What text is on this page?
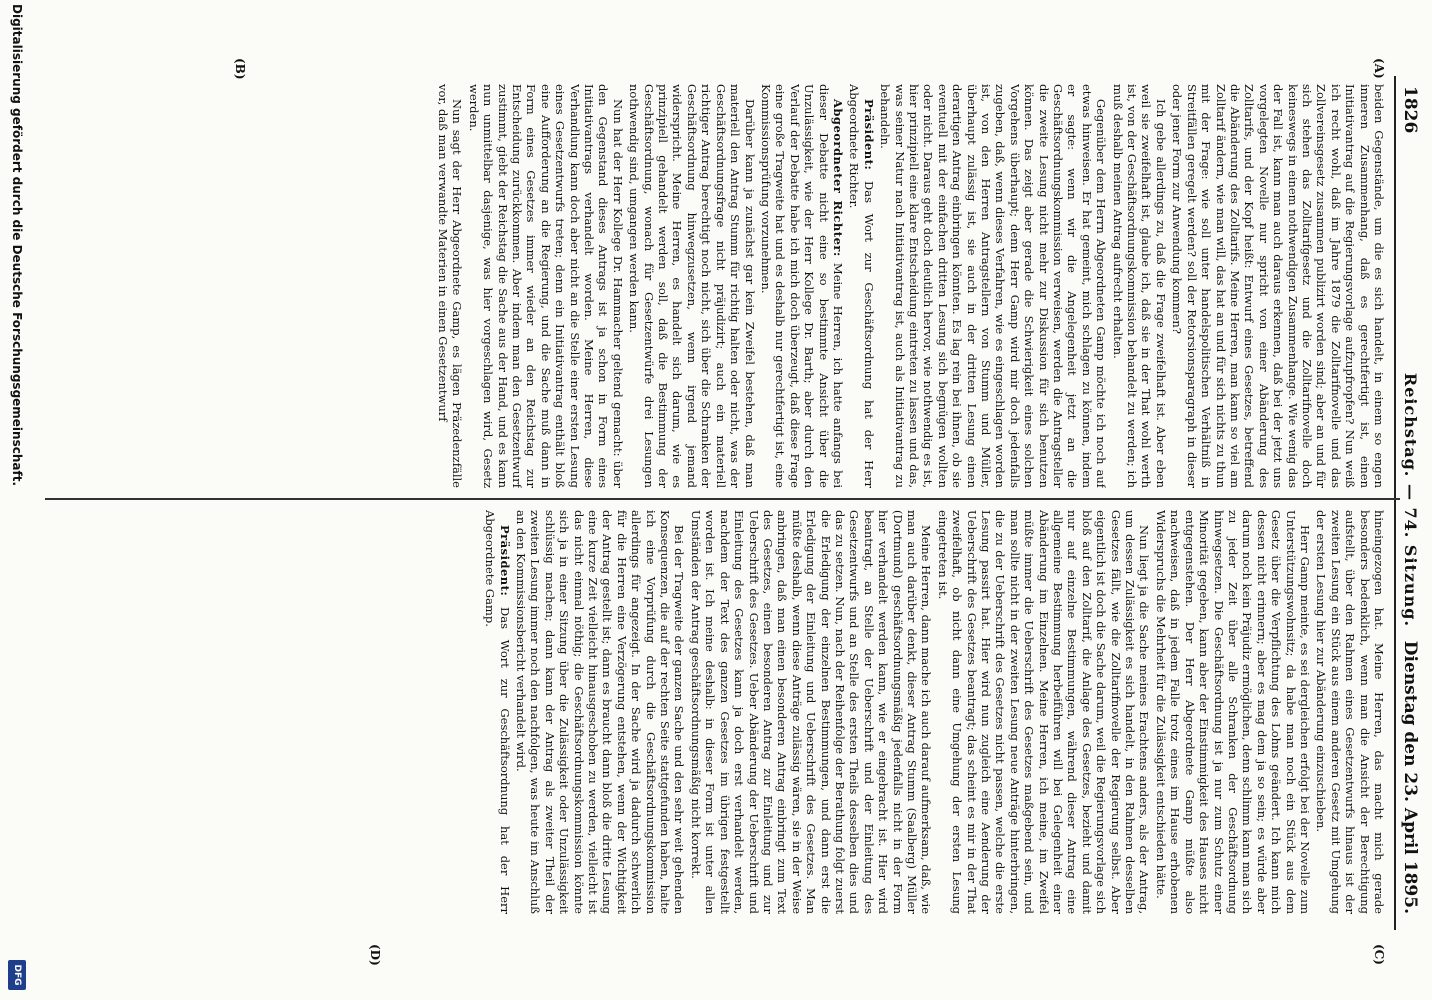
1826
Reichstag. — 74. Sitzung.
Dienstag den 23. April 1895.
(A)
(B)
(C)
(D)

beiden Gegenstände, um die es sich handelt, in einem so engen inneren Zusammenhang, daß es gerechtfertigt ist, einen Initiativantrag auf die Regierungsvorlage aufzupfropfen? Nun weiß ich recht wohl, daß im Jahre 1879 die Zolltarifnovelle und das Zollvereinsgesetz zusammen publizirt worden sind; aber an und für sich stehen das Zolltarifgesetz und die Zolltarifnovelle doch keineswegs in einem nothwendigen Zusammenhange. Wie wenig das der Fall ist, kann man auch daraus erkennen, daß bei der jetzt uns vorgelegten Novelle nur spricht von einer Abänderung des Zolltarifs, und der Kopf heißt: Entwurf eines Gesetzes, betreffend die Abänderung des Zolltarifs. Meine Herren, man kann so viel am Zolltarif ändern, wie man will, das hat an und für sich nichts zu thun mit der Frage: wie soll unter handelspolitischen Verhältniß in Streitfällen geregelt werden? soll der Retorsionsparagraph in dieser oder jener Form zur Anwendung kommen?

Ich gebe allerdings zu, daß die Frage zweifelhaft ist. Aber eben weil sie zweifelhaft ist, glaube ich, daß sie in der That wohl werth ist, von der Geschäftsordnungskommission behandelt zu werden; ich muß deshalb meinen Antrag aufrecht erhalten.

Gegenüber dem Herrn Abgeordneten Gamp möchte ich noch auf etwas hinweisen. Er hat gemeint, mich schlagen zu können, indem er sagte: wenn wir die Angelegenheit jetzt an die Geschäftsordnungskommission verweisen, werden die Antragsteller die zweite Lesung nicht mehr zur Diskussion für sich benutzen können. Das zeigt aber gerade die Schwierigkeit eines solchen Vorgehens überhaupt; denn Herr Gamp wird mir doch jedenfalls zugeben, daß, wenn dieses Verfahren, wie es eingeschlagen worden ist, von den Herren Antragstellern von Stumm und Müller, überhaupt zulässig ist, sie auch in der dritten Lesung einen derartigen Antrag einbringen könnten. Es lag rein bei ihnen, ob sie eventuell mit der einfachen dritten Lesung sich begnügen wollten oder nicht. Daraus geht doch deutlich hervor, wie nothwendig es ist, hier prinzipiell eine klare Entscheidung eintreten zu lassen und das, was seiner Natur nach Initiativantrag ist, auch als Initiativantrag zu behandeln.

Präsident: Das Wort zur Geschäftsordnung hat der Herr Abgeordnete Richter.

Abgeordneter Richter: Meine Herren, ich hatte anfangs bei dieser Debatte nicht eine so bestimmte Ansicht über die Unzulässigkeit, wie der Herr Kollege Dr. Barth; aber durch den Verlauf der Debatte habe ich mich doch überzeugt, daß diese Frage eine große Tragweite hat und es deshalb nur gerechtfertigt ist, eine Kommissionsprüfung vorzunehmen.

Darüber kann ja zunächst gar kein Zweifel bestehen, daß man materiell den Antrag Stumm für richtig halten oder nicht, was der Geschäftsordnungsfrage nicht präjudizirt; auch ein materiell richtiger Antrag berechtigt noch nicht, sich über die Schranken der Geschäftsordnung hinwegzusetzen, wenn irgend jemand widerspricht. Meine Herren, es handelt sich darum, wie es prinzipiell gehandelt werden soll, daß die Bestimmung der Geschäftsordnung, wonach für Gesetzentwürfe drei Lesungen nothwendig sind, umgangen werden kann.

Nun hat der Herr Kollege Dr. Hammacher geltend gemacht: über den Gegenstand dieses Antrags ist ja schon in Form eines Initiativantrags verhandelt worden. Meine Herren, diese Verhandlung kann doch aber nicht an die Stelle einer ersten Lesung eines Gesetzentwurfs treten; denn ein Initiativantrag enthält bloß eine Aufforderung an die Regierung, und die Sache muß dann in Form eines Gesetzes immer wieder an den Reichstag zur Entscheidung zurückkommen. Aber indem man den Gesetzentwurf zustimmt, giebt der Reichstag die Sache aus der Hand, und es kann nun unmittelbar dasjenige, was hier vorgeschlagen wird, Gesetz werden.

Nun sagt der Herr Abgeordnete Gamp, es lägen Präzedenzfälle vor, daß man verwandte Materien in einen Gesetzentwurf

hineingezogen hat. Meine Herren, das macht mich gerade besonders bedenklich, wenn man die Ansicht der Berechtigung aufstellt, über den Rahmen eines Gesetzentwurfs hinaus ist der zweiten Lesung ein Stück aus einem anderen Gesetz mit Umgehung der ersten Lesung hier zur Abänderung einzuschieben.

Herr Gamp meinte, es sei dergleichen erfolgt bei der Novelle zum Unterstützungswohnsitz; da habe man noch ein Stück aus dem Gesetz über die Verpflichtung des Lohns geändert. Ich kann mich dessen nicht erinnern; aber es mag dem ja so sein; es würde aber darum noch kein Präjudiz ermöglichen, denn schlimm kann man sich zu jeder Zeit über alle Schranken der Geschäftsordnung hinwegsetzen. Die Geschäftsordnung ist ja nur zum Schutz einer Minorität gegeben, kann aber der Einstimmigkeit des Hauses nicht entgegenstehen. Der Herr Abgeordnete Gamp müßte also nachweisen, daß in jedem Falle trotz eines im Hause erhobenen Widerspruchs die Mehrheit für die Zulässigkeit entschieden hätte.

Nun liegt ja die Sache meines Erachtens anders, als der Antrag, um dessen Zulässigkeit es sich handelt, in den Rahmen desselben Gesetzes fällt, wie die Zolltarifnovelle der Regierung selbst. Aber eigentlich ist doch die Sache darum, weil die Regierungsvorlage sich bloß auf den Zolltarif, die Anlage des Gesetzes, bezieht und damit nur auf einzelne Bestimmungen, während dieser Antrag eine allgemeine Bestimmung herbeiführen will bei Gelegenheit einer Abänderung im Einzelnen. Meine Herren, ich meine, im Zweifel müßte immer die Ueberschrift des Gesetzes maßgebend sein, und man sollte nicht in der zweiten Lesung neue Anträge hinterbringen, die zu der Ueberschrift des Gesetzes nicht passen, welche die erste Lesung passirt hat. Hier wird nun zugleich eine Aenderung der Ueberschrift des Gesetzes beantragt; das scheint es mir in der That zweifelhaft, ob nicht dann eine Umgehung der ersten Lesung eingetreten ist.

Meine Herren, dann mache ich auch darauf aufmerksam, daß, wie man auch darüber denkt, dieser Antrag Stumm (Saalberg) Müller (Dortmund) geschäftsordnungsmäßig jedenfalls nicht in der Form hier verhandelt werden kann, wie er eingebracht ist. Hier wird beantragt, an Stelle der Ueberschrift und der Einleitung des Gesetzentwurfs und an Stelle des ersten Theils desselben dies und das zu setzen. Nun, nach der Reihenfolge der Berathung folgt zuerst die Erledigung der einzelnen Bestimmungen, und dann erst die Erledigung der Einleitung und Ueberschrift des Gesetzes. Man müßte deshalb, wenn diese Anträge zulässig wären, sie in der Weise anbringen, daß man einen besonderen Antrag einbringt zum Text des Gesetzes, einen besonderen Antrag zur Einleitung und zur Ueberschrift des Gesetzes. Ueber Abänderung der Ueberschrift und Einleitung des Gesetzes kann ja doch erst verhandelt werden, nachdem der Text des ganzen Gesetzes im übrigen festgestellt worden ist. Ich meine deshalb: in dieser Form ist unter allen Umständen der Antrag geschäftsordnungsmäßig nicht korrekt.

Bei der Tragweite der ganzen Sache und den sehr weit gehenden Konsequenzen, die auf der rechten Seite stattgefunden haben, halte ich eine Vorprüfung durch die Geschäftsordnungskommission allerdings für angezeigt. In der Sache wird ja dadurch schwerlich für die Herren eine Verzögerung entstehen, wenn der Wichtigkeit der Antrag gestellt ist; dann es braucht dann bloß die dritte Lesung eine kurze Zeit vielleicht hinausgeschoben zu werden, vielleicht ist das nicht einmal nöthig; die Geschäftsordnungskommission könnte sich ja in einer Sitzung über die Zulässigkeit oder Unzulässigkeit schlüssig machen; dann kann der Antrag als zweiter Theil der zweiten Lesung immer noch den nachfolgen, was heute im Anschluß an den Kommissionsbericht verhandelt wird.

Präsident: Das Wort zur Geschäftsordnung hat der Herr Abgeordnete Gamp.

Digitalisierung gefördert durch die Deutsche Forschungsgemeinschaft.
DFG
